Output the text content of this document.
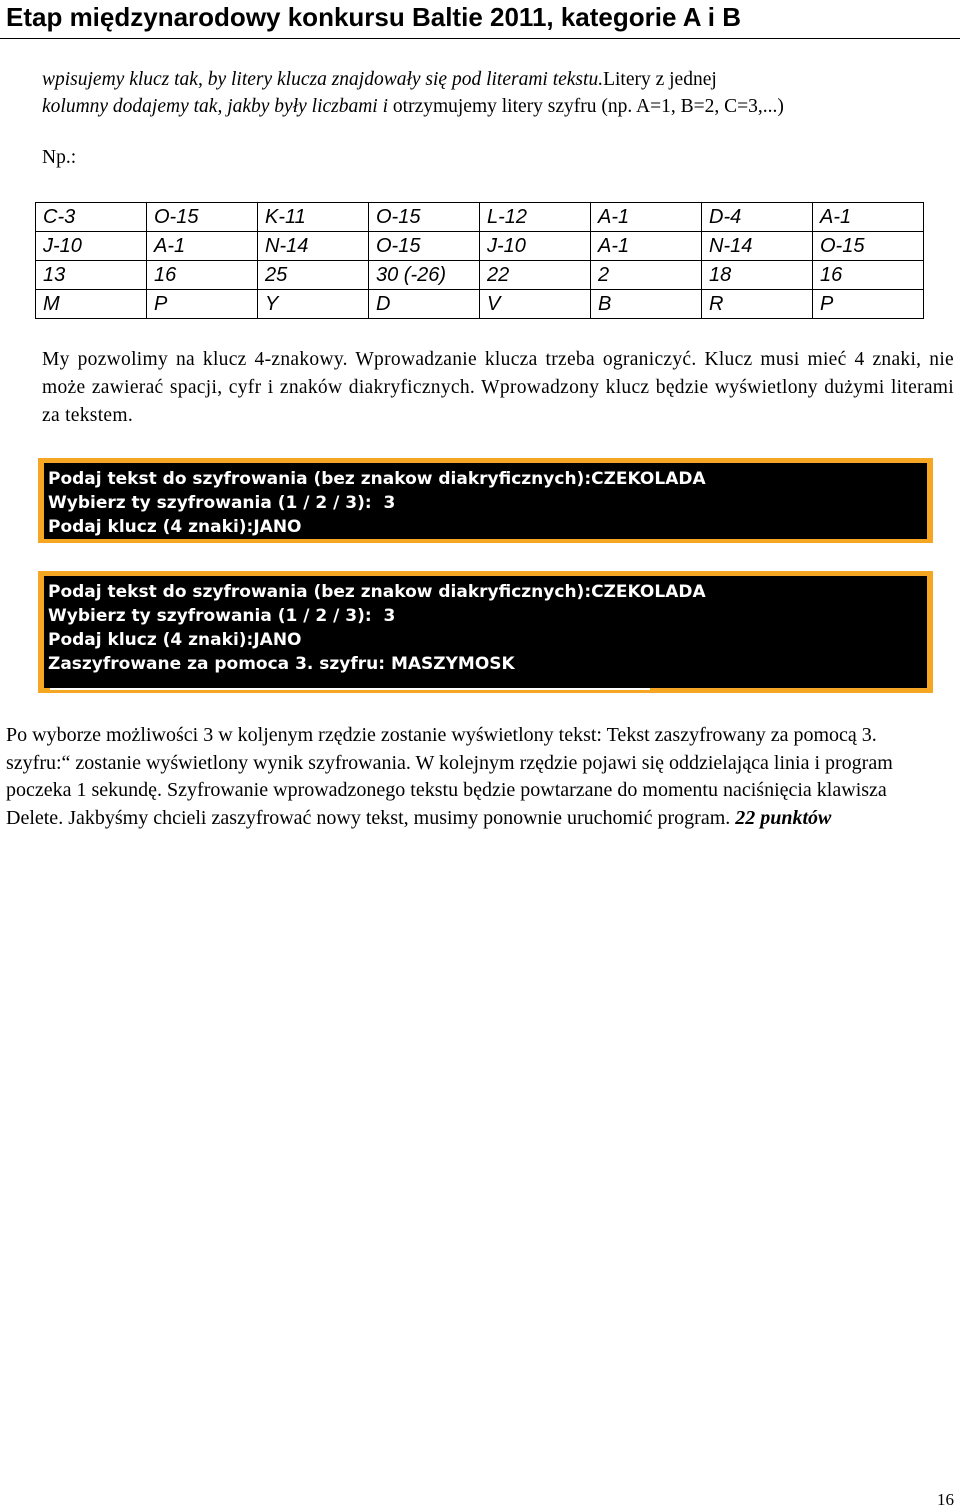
Etap międzynarodowy konkursu Baltie 2011, kategorie A i B
wpisujemy klucz tak, by litery klucza znajdowały się pod literami tekstu.Litery z jednej
kolumny dodajemy tak, jakby były liczbami i otrzymujemy litery szyfru (np. A=1, B=2, C=3,...)
Np.:
C-3	O-15	K-11	O-15	L-12	A-1	D-4	A-1
J-10	A-1	N-14	O-15	J-10	A-1	N-14	O-15
13	16	25	30 (-26)	22	2	18	16
M	P	Y	D	V	B	R	P
My pozwolimy na klucz 4-znakowy. Wprowadzanie klucza trzeba ograniczyć. Klucz musi mieć 4 znaki, nie może zawierać spacji, cyfr i znaków diakryficznych. Wprowadzony klucz będzie wyświetlony dużymi literami za tekstem.
Podaj tekst do szyfrowania (bez znakow diakryficznych):CZEKOLADA
Wybierz ty szyfrowania (1 / 2 / 3):  3
Podaj klucz (4 znaki):JANO
Podaj tekst do szyfrowania (bez znakow diakryficznych):CZEKOLADA
Wybierz ty szyfrowania (1 / 2 / 3):  3
Podaj klucz (4 znaki):JANO
Zaszyfrowane za pomoca 3. szyfru: MASZYMOSK
Po wyborze możliwości 3 w koljenym rzędzie zostanie wyświetlony tekst: Tekst zaszyfrowany za pomocą 3. szyfru:“ zostanie wyświetlony wynik szyfrowania. W kolejnym rzędzie pojawi się oddzielająca linia i program poczeka 1 sekundę. Szyfrowanie wprowadzonego tekstu będzie powtarzane do momentu naciśnięcia klawisza Delete. Jakbyśmy chcieli zaszyfrować nowy tekst, musimy ponownie uruchomić program. 22 punktów
16
